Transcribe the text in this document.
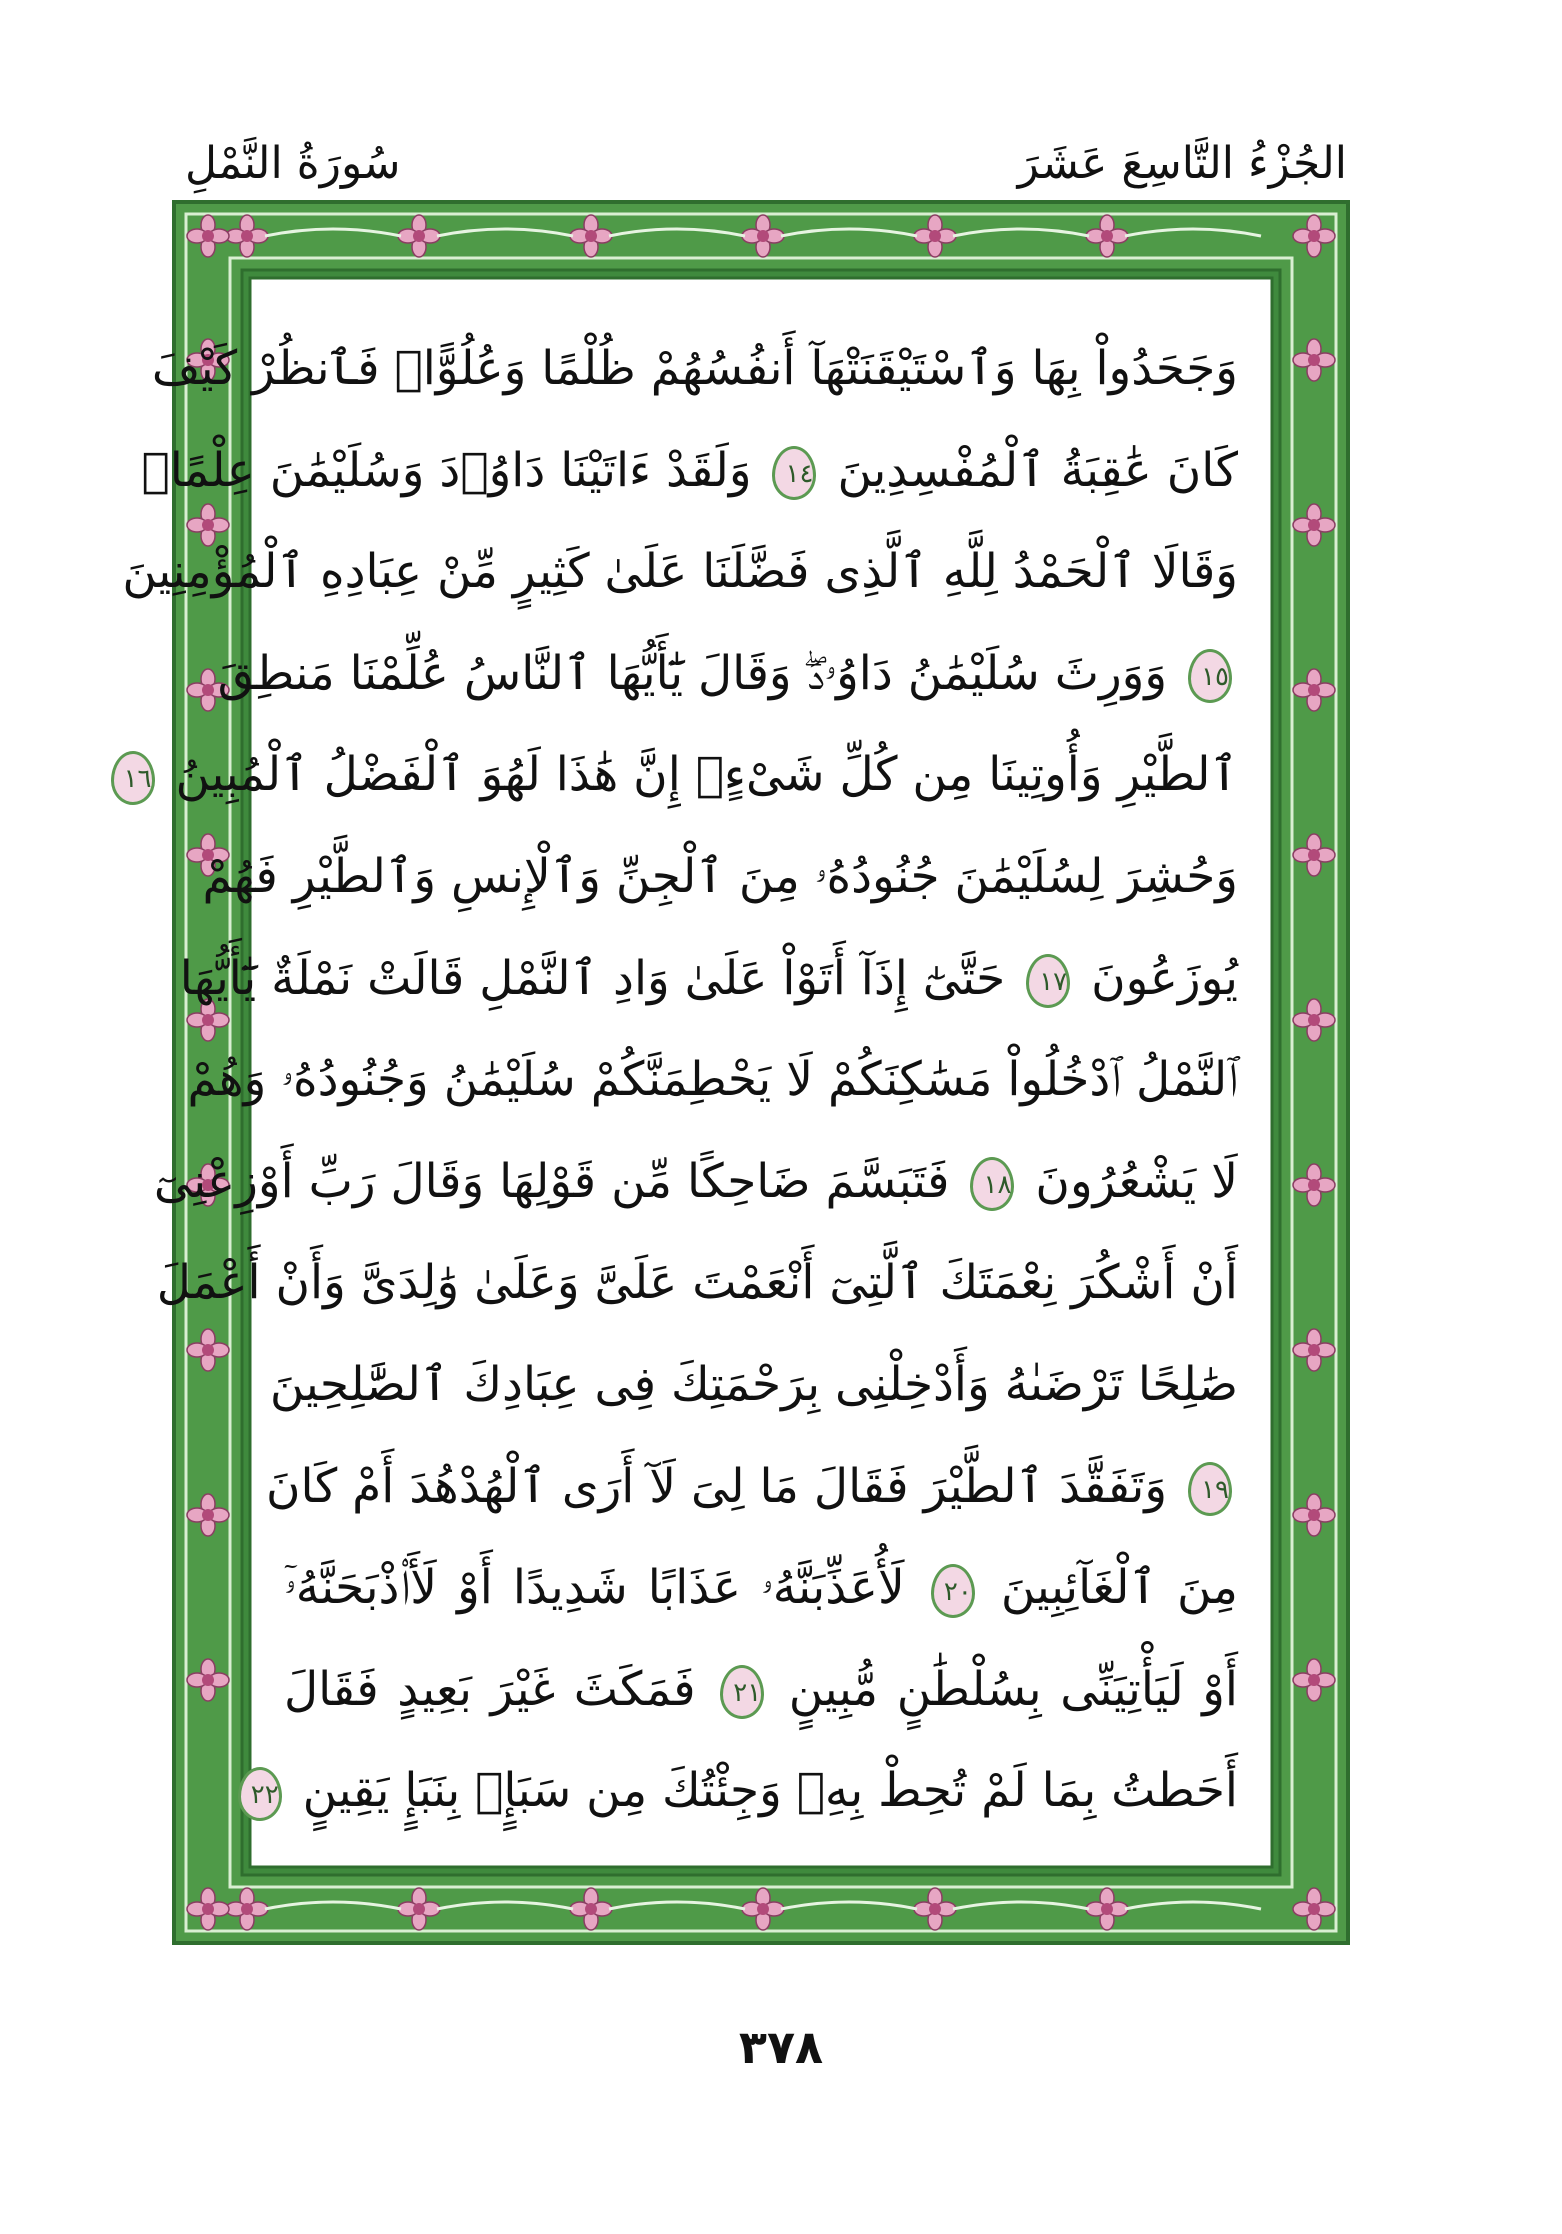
سُورَةُ النَّمْلِ	الجُزْءُ التَّاسِعَ عَشَرَ
وَجَحَدُواْ بِهَا وَٱسْتَيْقَنَتْهَآ أَنفُسُهُمْ ظُلْمًا وَعُلُوًّاۚ فَٱنظُرْ كَيْفَ
كَانَ عَٰقِبَةُ ٱلْمُفْسِدِينَ ١٤ وَلَقَدْ ءَاتَيْنَا دَاوُۥدَ وَسُلَيْمَٰنَ عِلْمًاۖ
وَقَالَا ٱلْحَمْدُ لِلَّهِ ٱلَّذِى فَضَّلَنَا عَلَىٰ كَثِيرٍ مِّنْ عِبَادِهِ ٱلْمُؤْمِنِينَ
١٥ وَوَرِثَ سُلَيْمَٰنُ دَاوُۥدَۖ وَقَالَ يَٰٓأَيُّهَا ٱلنَّاسُ عُلِّمْنَا مَنطِقَ
ٱلطَّيْرِ وَأُوتِينَا مِن كُلِّ شَىْءٍۖ إِنَّ هَٰذَا لَهُوَ ٱلْفَضْلُ ٱلْمُبِينُ ١٦
وَحُشِرَ لِسُلَيْمَٰنَ جُنُودُهُۥ مِنَ ٱلْجِنِّ وَٱلْإِنسِ وَٱلطَّيْرِ فَهُمْ
يُوزَعُونَ ١٧ حَتَّىٰٓ إِذَآ أَتَوْاْ عَلَىٰ وَادِ ٱلنَّمْلِ قَالَتْ نَمْلَةٌ يَٰٓأَيُّهَا
ٱلنَّمْلُ ٱدْخُلُواْ مَسَٰكِنَكُمْ لَا يَحْطِمَنَّكُمْ سُلَيْمَٰنُ وَجُنُودُهُۥ وَهُمْ
لَا يَشْعُرُونَ ١٨ فَتَبَسَّمَ ضَاحِكًا مِّن قَوْلِهَا وَقَالَ رَبِّ أَوْزِعْنِىٓ
أَنْ أَشْكُرَ نِعْمَتَكَ ٱلَّتِىٓ أَنْعَمْتَ عَلَىَّ وَعَلَىٰ وَٰلِدَىَّ وَأَنْ أَعْمَلَ
صَٰلِحًا تَرْضَىٰهُ وَأَدْخِلْنِى بِرَحْمَتِكَ فِى عِبَادِكَ ٱلصَّٰلِحِينَ
١٩ وَتَفَقَّدَ ٱلطَّيْرَ فَقَالَ مَا لِىَ لَآ أَرَى ٱلْهُدْهُدَ أَمْ كَانَ
مِنَ ٱلْغَآئِبِينَ ٢٠ لَأُعَذِّبَنَّهُۥ عَذَابًا شَدِيدًا أَوْ لَأَا۟ذْبَحَنَّهُۥٓ
أَوْ لَيَأْتِيَنِّى بِسُلْطَٰنٍ مُّبِينٍ ٢١ فَمَكَثَ غَيْرَ بَعِيدٍ فَقَالَ
أَحَطتُ بِمَا لَمْ تُحِطْ بِهِۦ وَجِئْتُكَ مِن سَبَإٍۭ بِنَبَإٍ يَقِينٍ ٢٢
٣٧٨
